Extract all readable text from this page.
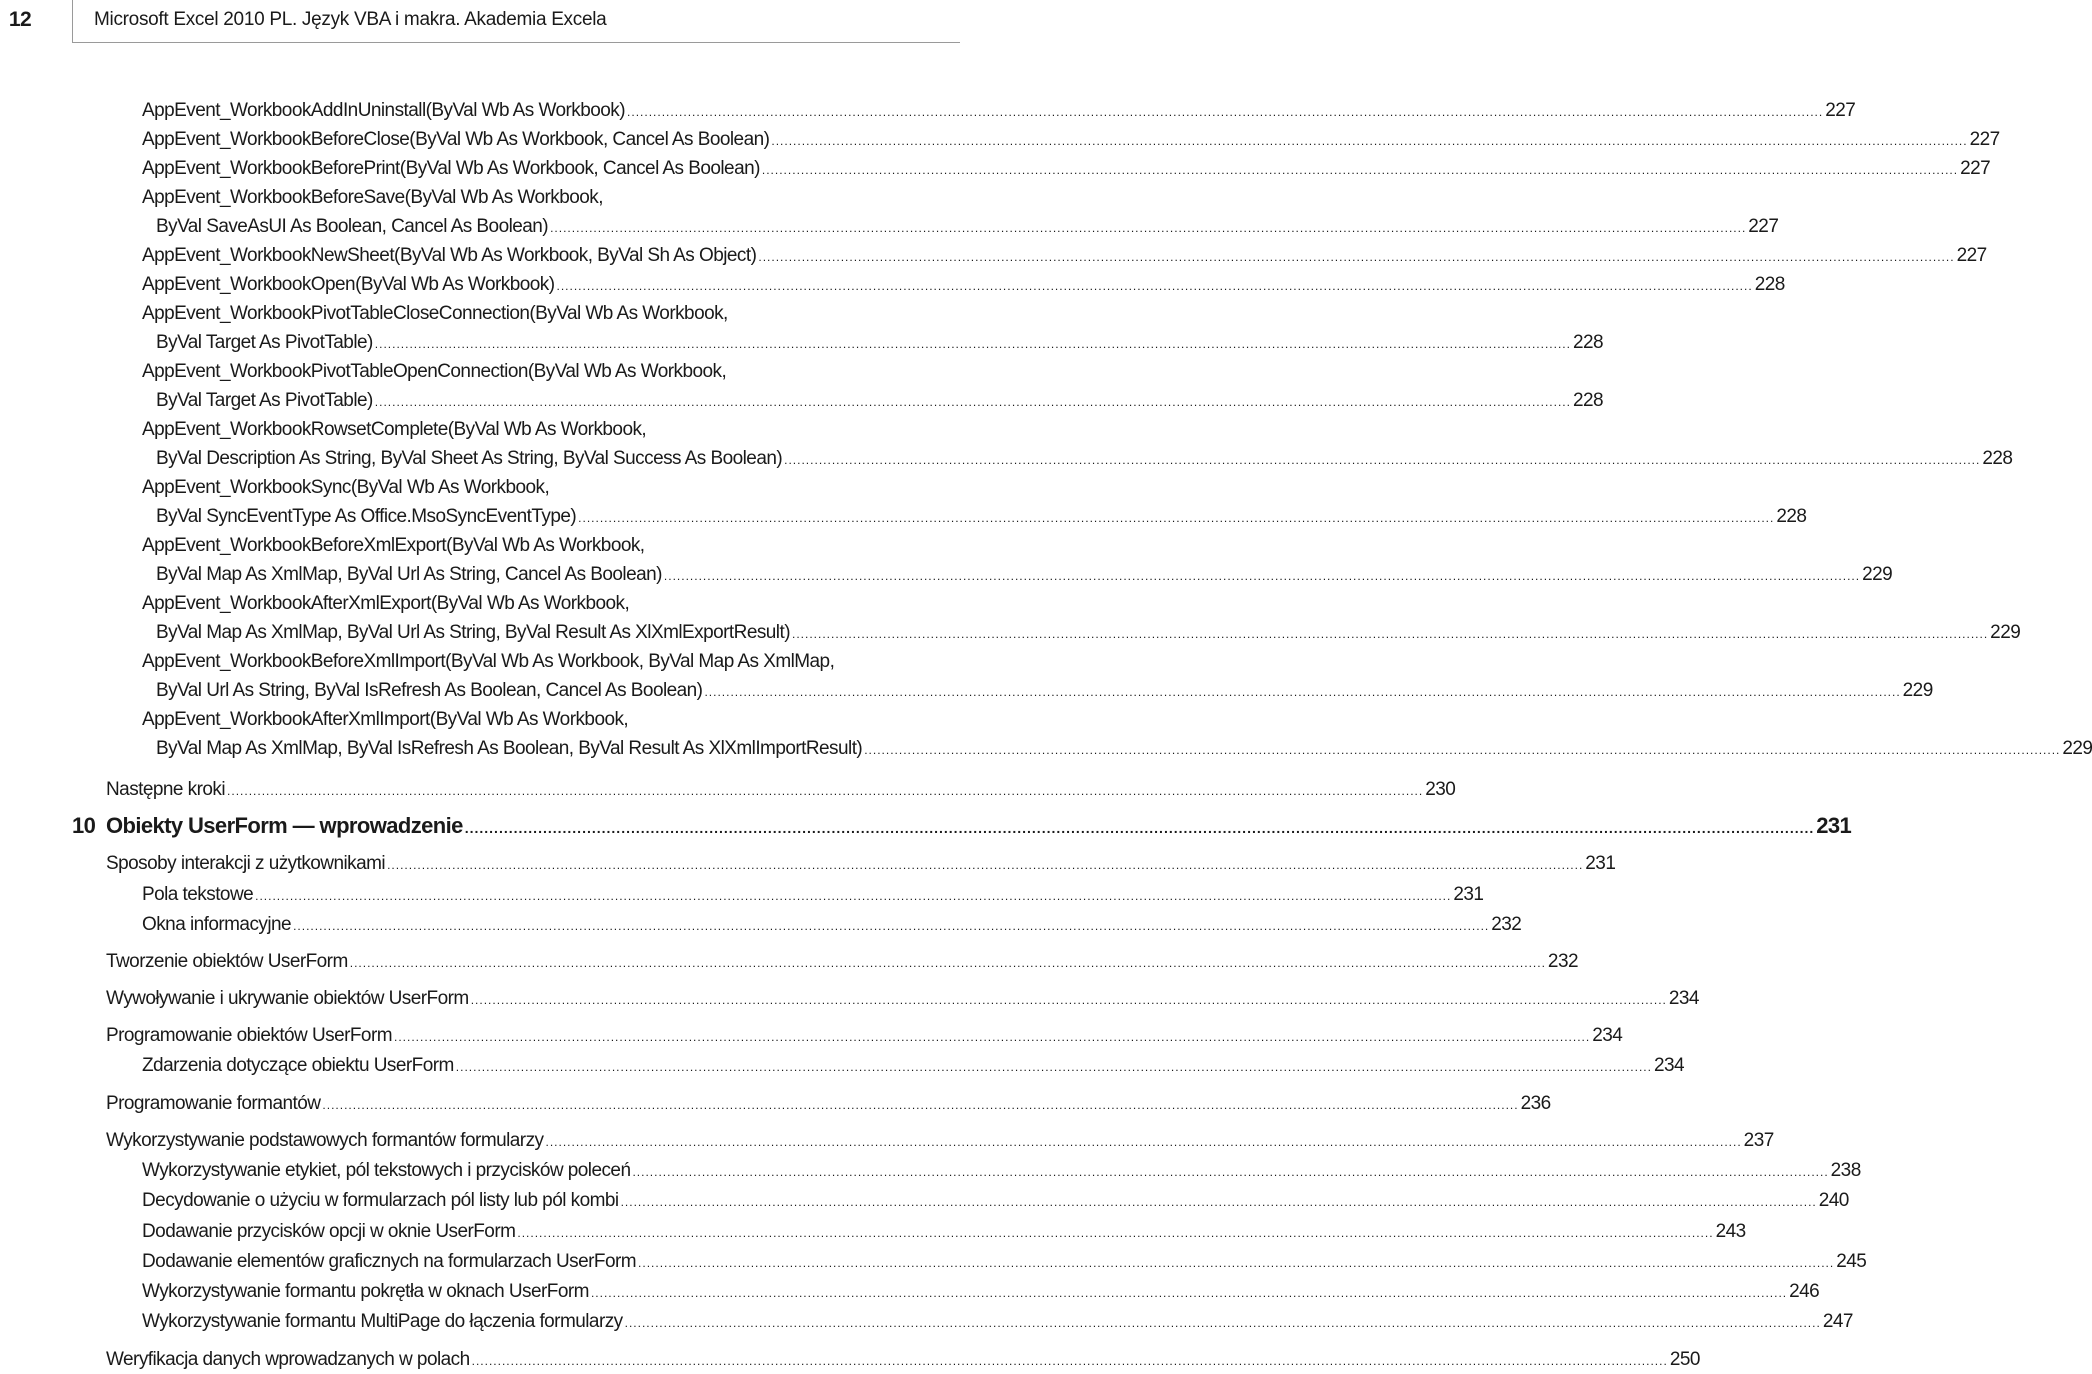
12	Microsoft Excel 2010 PL. Język VBA i makra. Akademia Excela
AppEvent_WorkbookAddInUninstall(ByVal Wb As Workbook) .....	227
AppEvent_WorkbookBeforeClose(ByVal Wb As Workbook, Cancel As Boolean) .....	227
AppEvent_WorkbookBeforePrint(ByVal Wb As Workbook, Cancel As Boolean) .....	227
AppEvent_WorkbookBeforeSave(ByVal Wb As Workbook,
ByVal SaveAsUI As Boolean, Cancel As Boolean) .....	227
AppEvent_WorkbookNewSheet(ByVal Wb As Workbook, ByVal Sh As Object) .....	227
AppEvent_WorkbookOpen(ByVal Wb As Workbook) .....	228
AppEvent_WorkbookPivotTableCloseConnection(ByVal Wb As Workbook,
ByVal Target As PivotTable) .....	228
AppEvent_WorkbookPivotTableOpenConnection(ByVal Wb As Workbook,
ByVal Target As PivotTable) .....	228
AppEvent_WorkbookRowsetComplete(ByVal Wb As Workbook,
ByVal Description As String, ByVal Sheet As String, ByVal Success As Boolean) .....	228
AppEvent_WorkbookSync(ByVal Wb As Workbook,
ByVal SyncEventType As Office.MsoSyncEventType) .....	228
AppEvent_WorkbookBeforeXmlExport(ByVal Wb As Workbook,
ByVal Map As XmlMap, ByVal Url As String, Cancel As Boolean) .....	229
AppEvent_WorkbookAfterXmlExport(ByVal Wb As Workbook,
ByVal Map As XmlMap, ByVal Url As String, ByVal Result As XlXmlExportResult) .....	229
AppEvent_WorkbookBeforeXmlImport(ByVal Wb As Workbook, ByVal Map As XmlMap,
ByVal Url As String, ByVal IsRefresh As Boolean, Cancel As Boolean) .....	229
AppEvent_WorkbookAfterXmlImport(ByVal Wb As Workbook,
ByVal Map As XmlMap, ByVal IsRefresh As Boolean, ByVal Result As XlXmlImportResult) .....	229
Następne kroki .....	230
10 Obiekty UserForm — wprowadzenie .....	231
Sposoby interakcji z użytkownikami .....	231
Pola tekstowe .....	231
Okna informacyjne .....	232
Tworzenie obiektów UserForm .....	232
Wywoływanie i ukrywanie obiektów UserForm .....	234
Programowanie obiektów UserForm .....	234
Zdarzenia dotyczące obiektu UserForm .....	234
Programowanie formantów .....	236
Wykorzystywanie podstawowych formantów formularzy .....	237
Wykorzystywanie etykiet, pól tekstowych i przycisków poleceń .....	238
Decydowanie o użyciu w formularzach pól listy lub pól kombi .....	240
Dodawanie przycisków opcji w oknie UserForm .....	243
Dodawanie elementów graficznych na formularzach UserForm .....	245
Wykorzystywanie formantu pokrętła w oknach UserForm .....	246
Wykorzystywanie formantu MultiPage do łączenia formularzy .....	247
Weryfikacja danych wprowadzanych w polach .....	250
